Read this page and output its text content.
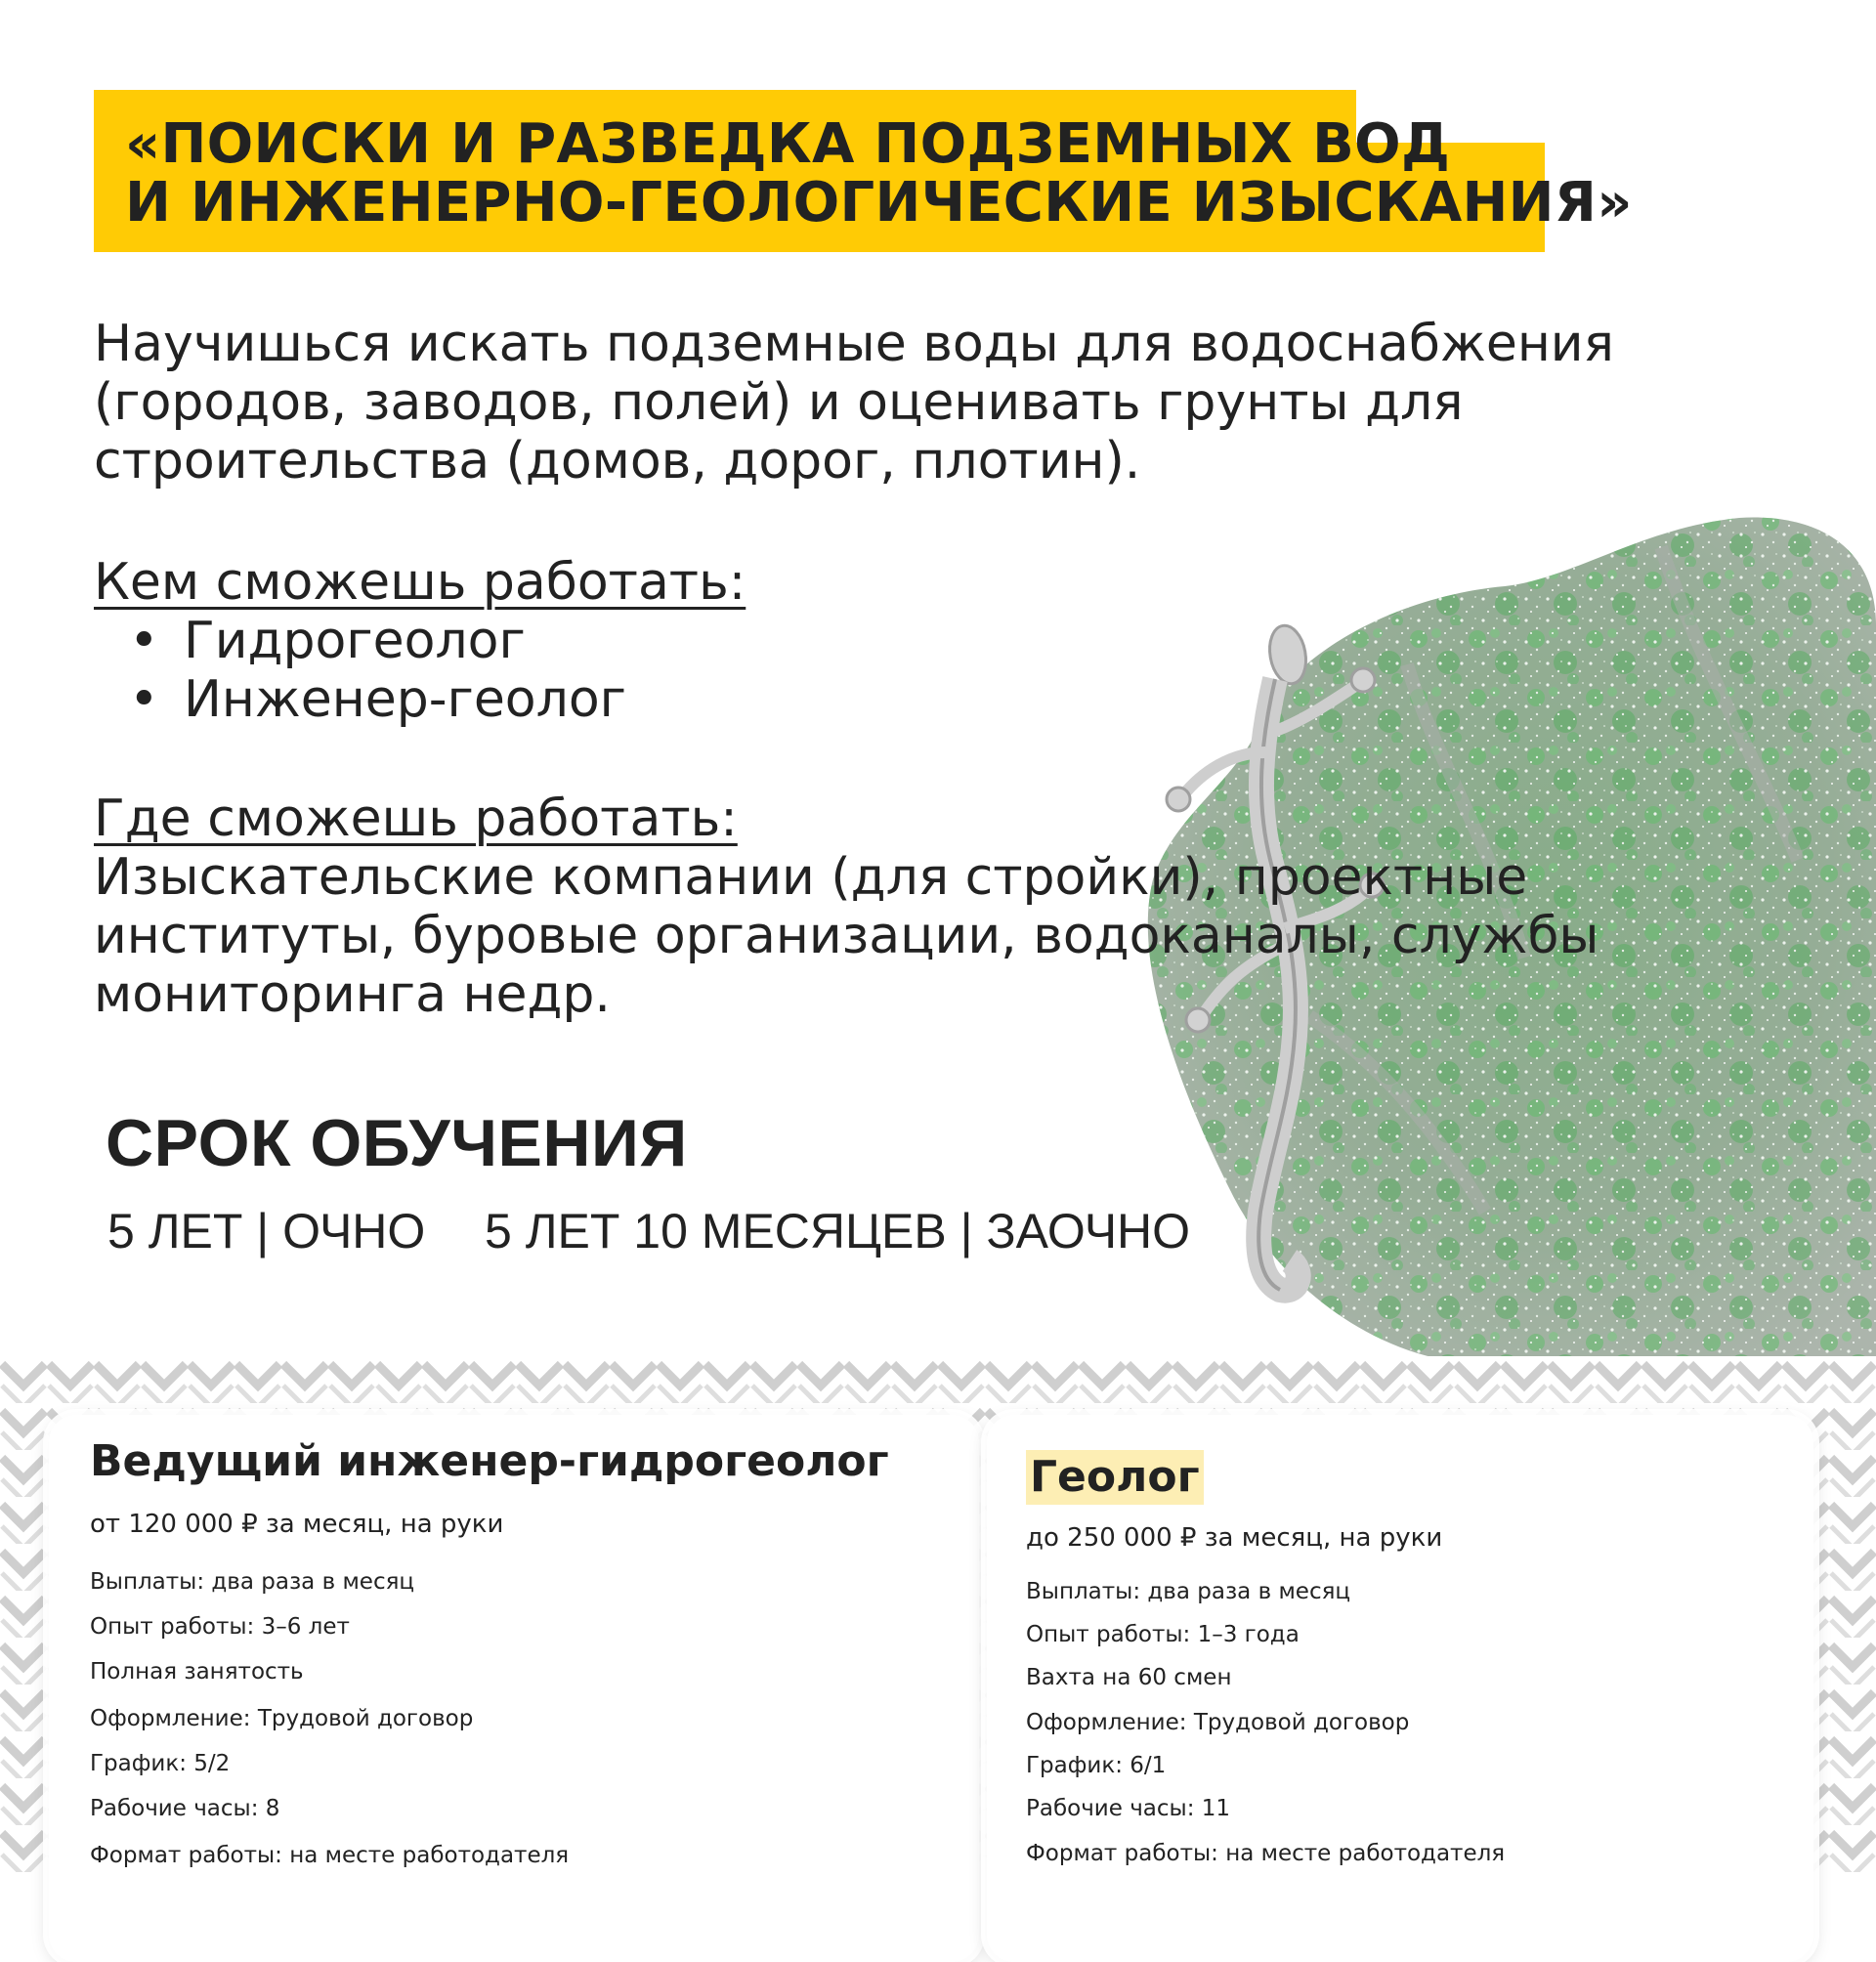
«ПОИСКИ И РАЗВЕДКА ПОДЗЕМНЫХ ВОД
И ИНЖЕНЕРНО-ГЕОЛОГИЧЕСКИЕ ИЗЫСКАНИЯ»

Научишься искать подземные воды для водоснабжения
(городов, заводов, полей) и оценивать грунты для
строительства (домов, дорог, плотин).

Кем сможешь работать:

• Гидрогеолог
• Инженер-геолог

Где сможешь работать:

Изыскательские компании (для стройки), проектные
институты, буровые организации, водоканалы, службы
мониторинга недр.

СРОК ОБУЧЕНИЯ
5 ЛЕТ | ОЧНО 5 ЛЕТ 10 МЕСЯЦЕВ | ЗАОЧНО
Ведущий инженер-гидрогеолог
от 120 000 ₽ за месяц, на руки
Выплаты: два раза в месяц
Опыт работы: 3–6 лет
Полная занятость
Оформление: Трудовой договор
График: 5/2
Рабочие часы: 8
Формат работы: на месте работодателя
Геолог
до 250 000 ₽ за месяц, на руки
Выплаты: два раза в месяц
Опыт работы: 1–3 года
Вахта на 60 смен
Оформление: Трудовой договор
График: 6/1
Рабочие часы: 11
Формат работы: на месте работодателя
